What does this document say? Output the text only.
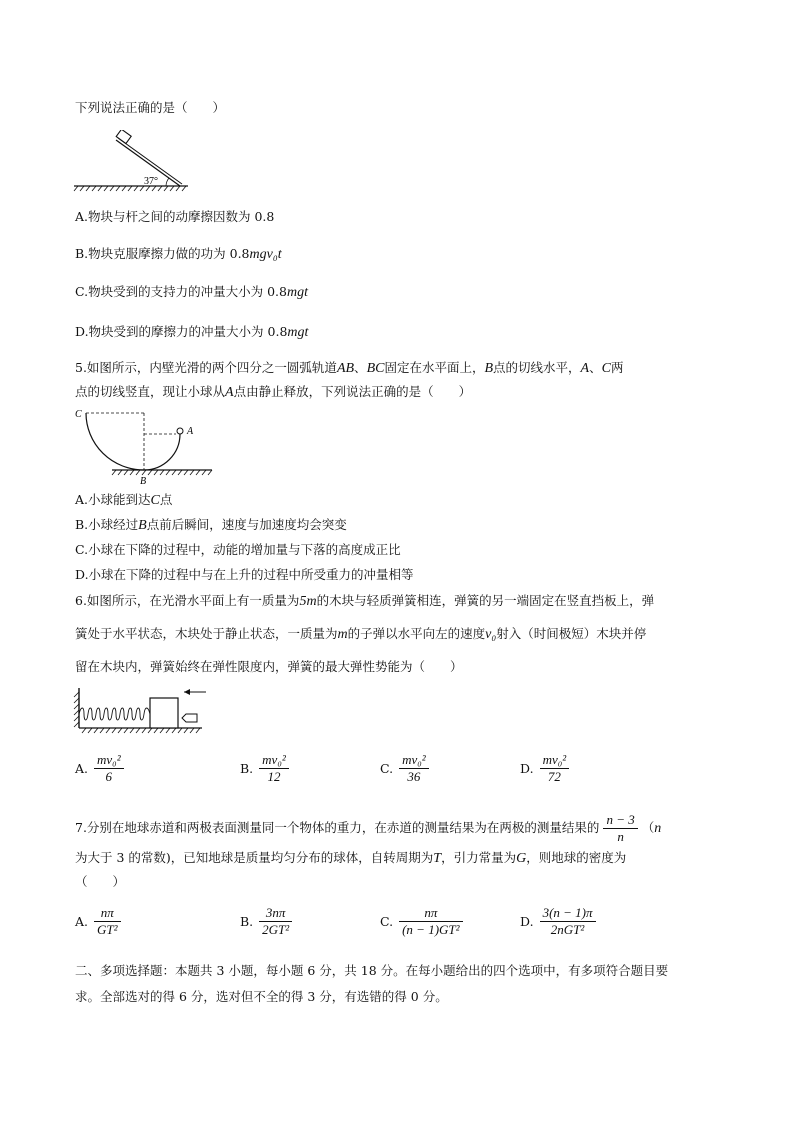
下列说法正确的是（　　）
37°
A.物块与杆之间的动摩擦因数为 0.8
B.物块克服摩擦力做的功为 0.8mgv₀t
C.物块受到的支持力的冲量大小为 0.8mgt
D.物块受到的摩擦力的冲量大小为 0.8mgt
5.如图所示，内壁光滑的两个四分之一圆弧轨道AB、BC固定在水平面上，B点的切线水平，A、C两
点的切线竖直，现让小球从A点由静止释放，下列说法正确的是（　　）
C
A
B
A.小球能到达C点
B.小球经过B点前后瞬间，速度与加速度均会突变
C.小球在下降的过程中，动能的增加量与下落的高度成正比
D.小球在下降的过程中与在上升的过程中所受重力的冲量相等
6.如图所示，在光滑水平面上有一质量为5m的木块与轻质弹簧相连，弹簧的另一端固定在竖直挡板上，弹
簧处于水平状态，木块处于静止状态，一质量为m的子弹以水平向左的速度v₀射入（时间极短）木块并停
留在木块内，弹簧始终在弹性限度内，弹簧的最大弹性势能为（　　）
A. $\frac{\text{mv₀²}}{6}$	B. $\frac{\text{mv₀²}}{12}$	C. $\frac{\text{mv₀²}}{36}$	D. $\frac{\text{mv₀²}}{72}$
7.分别在地球赤道和两极表面测量同一个物体的重力，在赤道的测量结果为在两极的测量结果的 $\frac{n - 3}{n} (n$
为大于 3 的常数)，已知地球是质量均匀分布的球体，自转周期为T，引力常量为G，则地球的密度为
（　　）
A. $\frac{n\pi}{\text{GT²}}$	B. $\frac{3n\pi}{\text{2GT²}}$	C. $\frac{n\pi}{\text{(n − 1)GT²}}$	D. $\frac{3(n - 1)\pi}{\text{2nGT²}}$
二、多项选择题：本题共 3 小题，每小题 6 分，共 18 分。在每小题给出的四个选项中，有多项符合题目要
求。全部选对的得 6 分，选对但不全的得 3 分，有选错的得 0 分。
